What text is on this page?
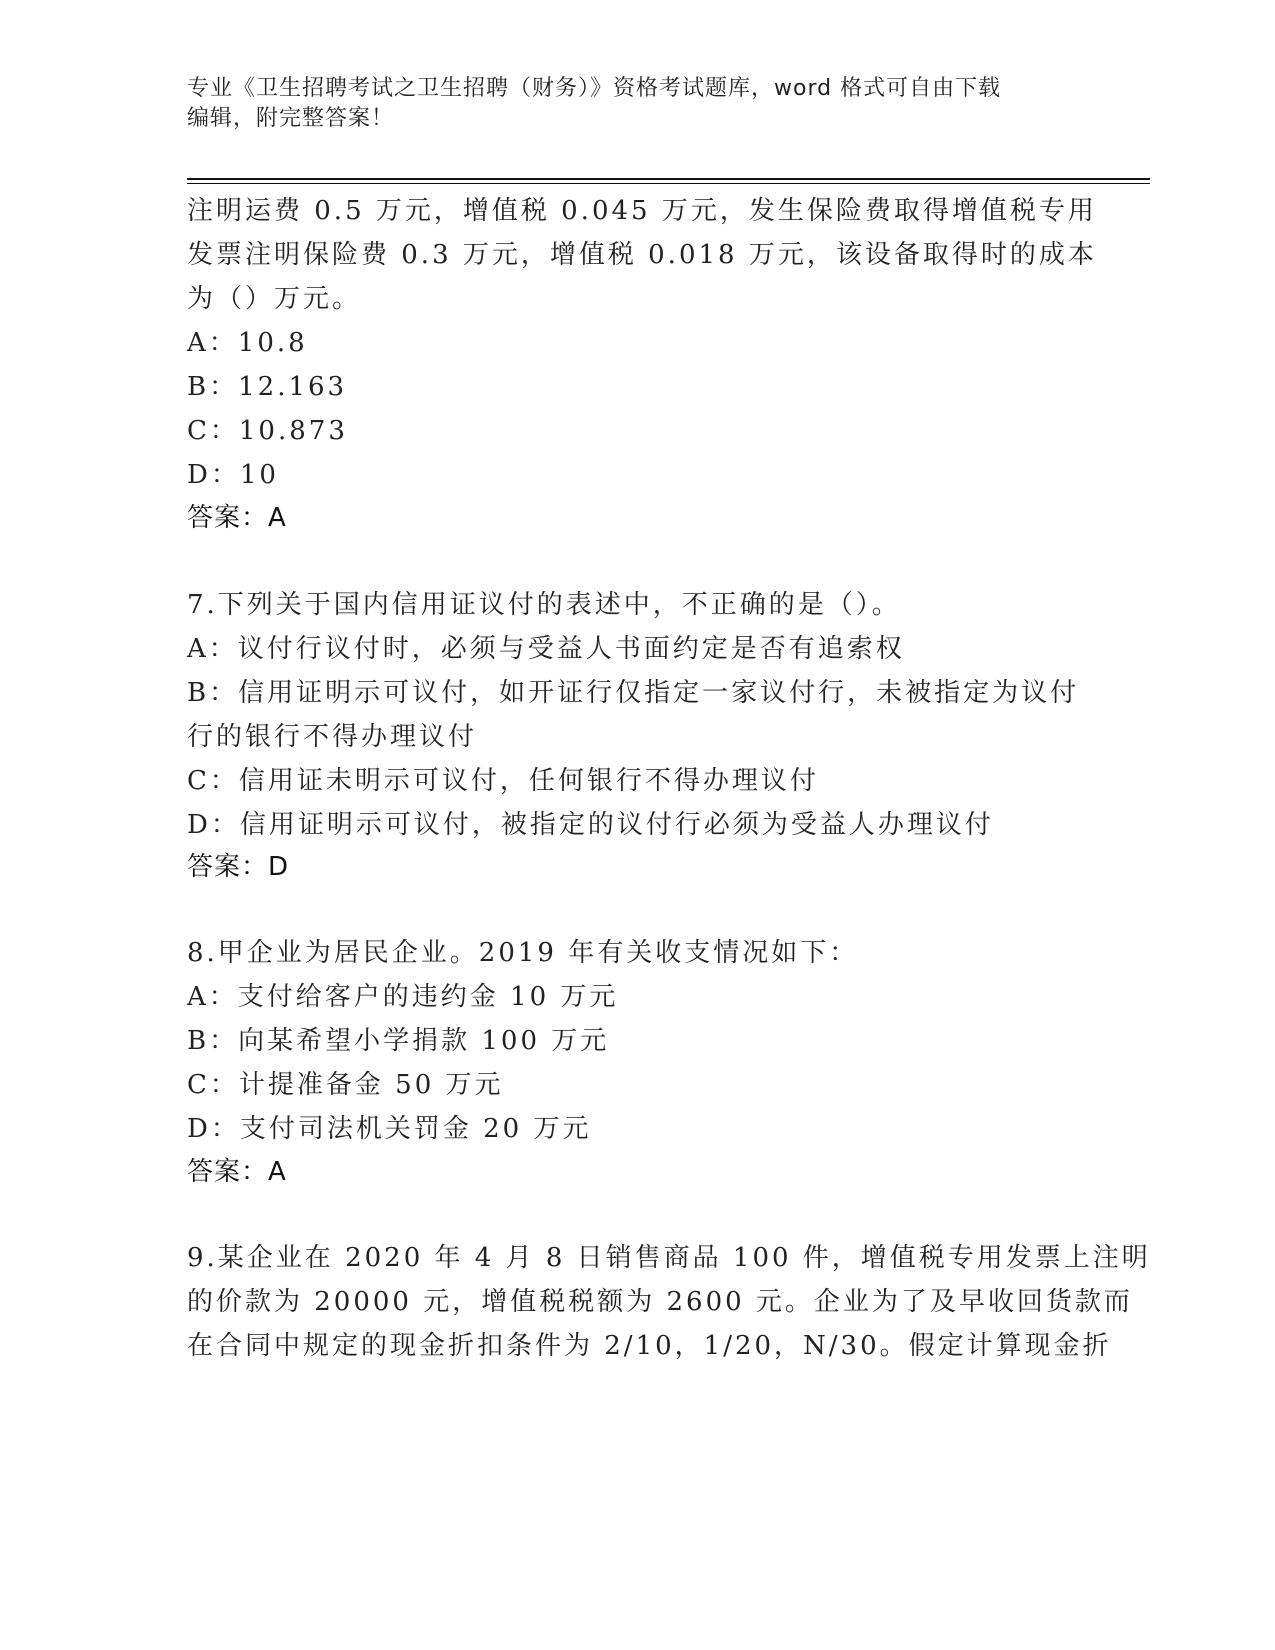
专业《卫生招聘考试之卫生招聘（财务）》资格考试题库，word 格式可自由下载
编辑，附完整答案！
注明运费 0.5 万元，增值税 0.045 万元，发生保险费取得增值税专用
发票注明保险费 0.3 万元，增值税 0.018 万元，该设备取得时的成本
为（）万元。
A：10.8
B：12.163
C：10.873
D：10
答案：A
7.下列关于国内信用证议付的表述中，不正确的是（）。
A：议付行议付时，必须与受益人书面约定是否有追索权
B：信用证明示可议付，如开证行仅指定一家议付行，未被指定为议付
行的银行不得办理议付
C：信用证未明示可议付，任何银行不得办理议付
D：信用证明示可议付，被指定的议付行必须为受益人办理议付
答案：D
8.甲企业为居民企业。2019 年有关收支情况如下：
A：支付给客户的违约金 10 万元
B：向某希望小学捐款 100 万元
C：计提准备金 50 万元
D：支付司法机关罚金 20 万元
答案：A
9.某企业在 2020 年 4 月 8 日销售商品 100 件，增值税专用发票上注明
的价款为 20000 元，增值税税额为 2600 元。企业为了及早收回货款而
在合同中规定的现金折扣条件为 2/10，1/20，N/30。假定计算现金折
